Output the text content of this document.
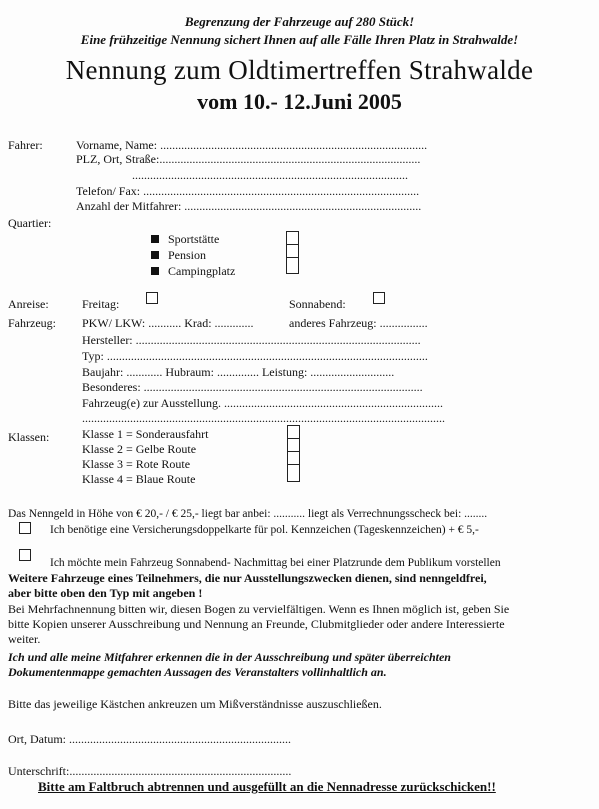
Begrenzung der Fahrzeuge auf 280 Stück!
Eine frühzeitige Nennung sichert Ihnen auf alle Fälle Ihren Platz in Strahwalde!
Nennung zum Oldtimertreffen Strahwalde
vom 10.- 12.Juni 2005
Fahrer:	Vorname, Name: .........................................................................................
PLZ, Ort, Straße:.......................................................................................
............................................................................................
Telefon/ Fax: ............................................................................................
Anzahl der Mitfahrer: ...............................................................................
Quartier:
Sportstätte
Pension
Campingplatz
Anreise:	Freitag:	Sonnabend:
Fahrzeug: PKW/ LKW: ........... Krad: .............	anderes Fahrzeug: ................
Hersteller: ...............................................................................................
Typ: ...........................................................................................................
Baujahr: ............ Hubraum: .............. Leistung: ............................
Besonderes: .............................................................................................
Fahrzeug(e) zur Ausstellung. .........................................................................
.........................................................................................................................
Klassen:	Klasse 1 = Sonderausfahrt
Klasse 2 = Gelbe Route
Klasse 3 = Rote Route
Klasse 4 = Blaue Route
Das Nenngeld in Höhe von € 20,- / € 25,- liegt bar anbei: ........... liegt als Verrechnungsscheck bei: ........
Ich benötige eine Versicherungsdoppelkarte für pol. Kennzeichen (Tageskennzeichen) + € 5,-
Ich möchte mein Fahrzeug Sonnabend- Nachmittag bei einer Platzrunde dem Publikum vorstellen
Weitere Fahrzeuge eines Teilnehmers, die nur Ausstellungszwecken dienen, sind nenngeldfrei,
aber bitte oben den Typ mit angeben !
Bei Mehrfachnennung bitten wir, diesen Bogen zu vervielfältigen. Wenn es Ihnen möglich ist, geben Sie
bitte Kopien unserer Ausschreibung und Nennung an Freunde, Clubmitglieder oder andere Interessierte
weiter.
Ich und alle meine Mitfahrer erkennen die in der Ausschreibung und später überreichten
Dokumentenmappe gemachten Aussagen des Veranstalters vollinhaltlich an.
Bitte das jeweilige Kästchen ankreuzen um Mißverständnisse auszuschließen.
Ort, Datum: ..........................................................................
Unterschrift:..........................................................................
Bitte am Faltbruch abtrennen und ausgefüllt an die Nennadresse zurückschicken!!
